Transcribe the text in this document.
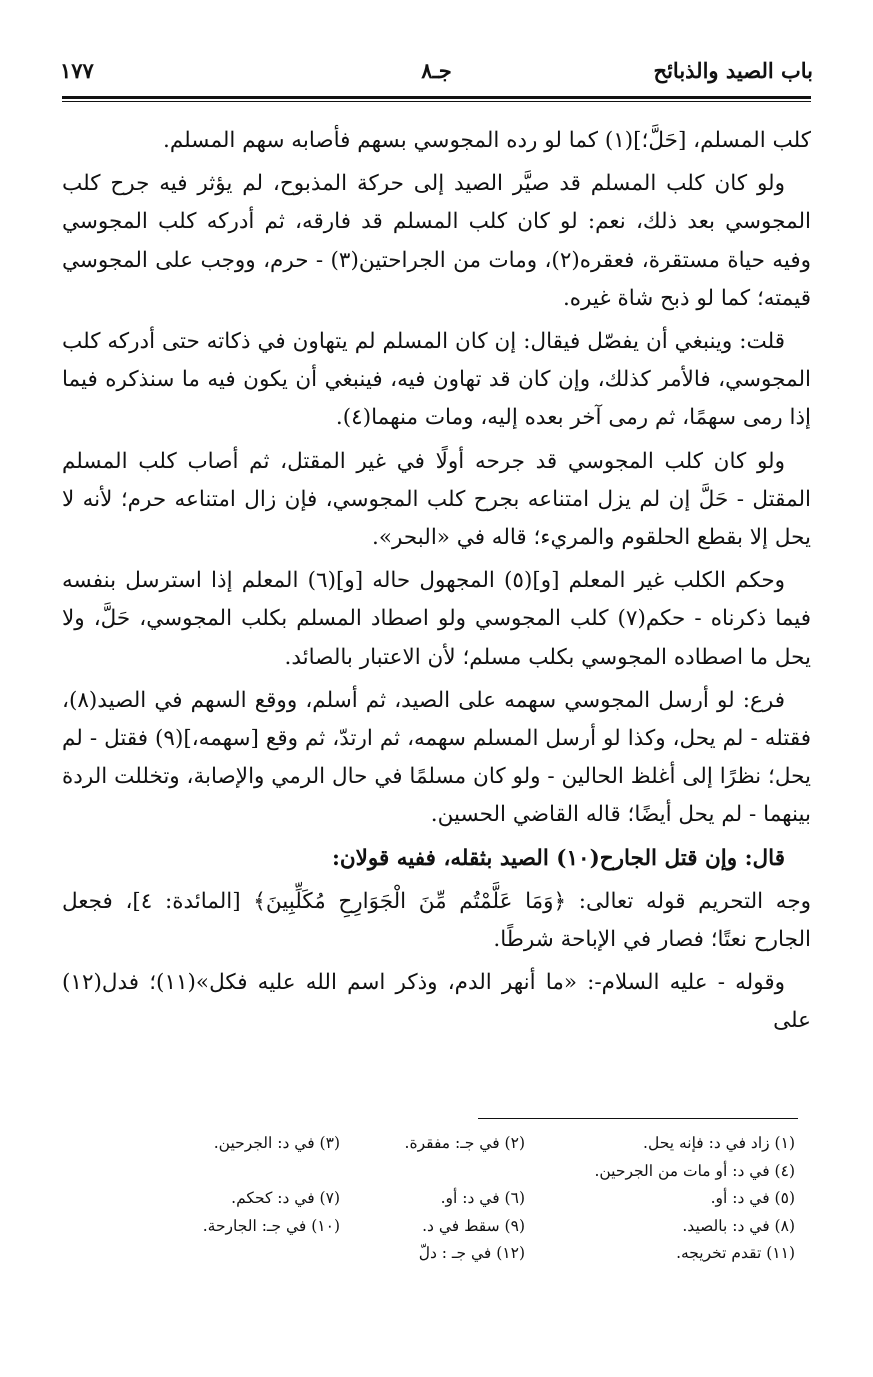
باب الصيد والذبائح
جـ٨
١٧٧

كلب المسلم، [حَلَّ؛](١) كما لو رده المجوسي بسهم فأصابه سهم المسلم.

ولو كان كلب المسلم قد صيَّر الصيد إلى حركة المذبوح، لم يؤثر فيه جرح كلب المجوسي بعد ذلك، نعم: لو كان كلب المسلم قد فارقه، ثم أدركه كلب المجوسي وفيه حياة مستقرة، فعقره(٢)، ومات من الجراحتين(٣) - حرم، ووجب على المجوسي قيمته؛ كما لو ذبح شاة غيره.

قلت: وينبغي أن يفصّل فيقال: إن كان المسلم لم يتهاون في ذكاته حتى أدركه كلب المجوسي، فالأمر كذلك، وإن كان قد تهاون فيه، فينبغي أن يكون فيه ما سنذكره فيما إذا رمى سهمًا، ثم رمى آخر بعده إليه، ومات منهما(٤).

ولو كان كلب المجوسي قد جرحه أولًا في غير المقتل، ثم أصاب كلب المسلم المقتل - حَلَّ إن لم يزل امتناعه بجرح كلب المجوسي، فإن زال امتناعه حرم؛ لأنه لا يحل إلا بقطع الحلقوم والمريء؛ قاله في «البحر».

وحكم الكلب غير المعلم [و](٥) المجهول حاله [و](٦) المعلم إذا استرسل بنفسه فيما ذكرناه - حكم(٧) كلب المجوسي ولو اصطاد المسلم بكلب المجوسي، حَلَّ، ولا يحل ما اصطاده المجوسي بكلب مسلم؛ لأن الاعتبار بالصائد.

فرع: لو أرسل المجوسي سهمه على الصيد، ثم أسلم، ووقع السهم في الصيد(٨)، فقتله - لم يحل، وكذا لو أرسل المسلم سهمه، ثم ارتدّ، ثم وقع [سهمه،](٩) فقتل - لم يحل؛ نظرًا إلى أغلظ الحالين - ولو كان مسلمًا في حال الرمي والإصابة، وتخللت الردة بينهما - لم يحل أيضًا؛ قاله القاضي الحسين.

قال: وإن قتل الجارح(١٠) الصيد بثقله، ففيه قولان:

وجه التحريم قوله تعالى: ﴿وَمَا عَلَّمْتُم مِّنَ الْجَوَارِحِ مُكَلِّبِينَ﴾ [المائدة: ٤]، فجعل الجارح نعتًا؛ فصار في الإباحة شرطًا.

وقوله - عليه السلام-: «ما أنهر الدم، وذكر اسم الله عليه فكل»(١١)؛ فدل(١٢) على

(١) زاد في د: فإنه يحل.
(٢) في جـ: مفقرة.
(٣) في د: الجرحين.
(٤) في د: أو مات من الجرحين.
(٥) في د: أو.
(٦) في د: أو.
(٧) في د: كحكم.
(٨) في د: بالصيد.
(٩) سقط في د.
(١٠) في جـ: الجارحة.
(١١) تقدم تخريجه.
(١٢) في جـ : دلّ
